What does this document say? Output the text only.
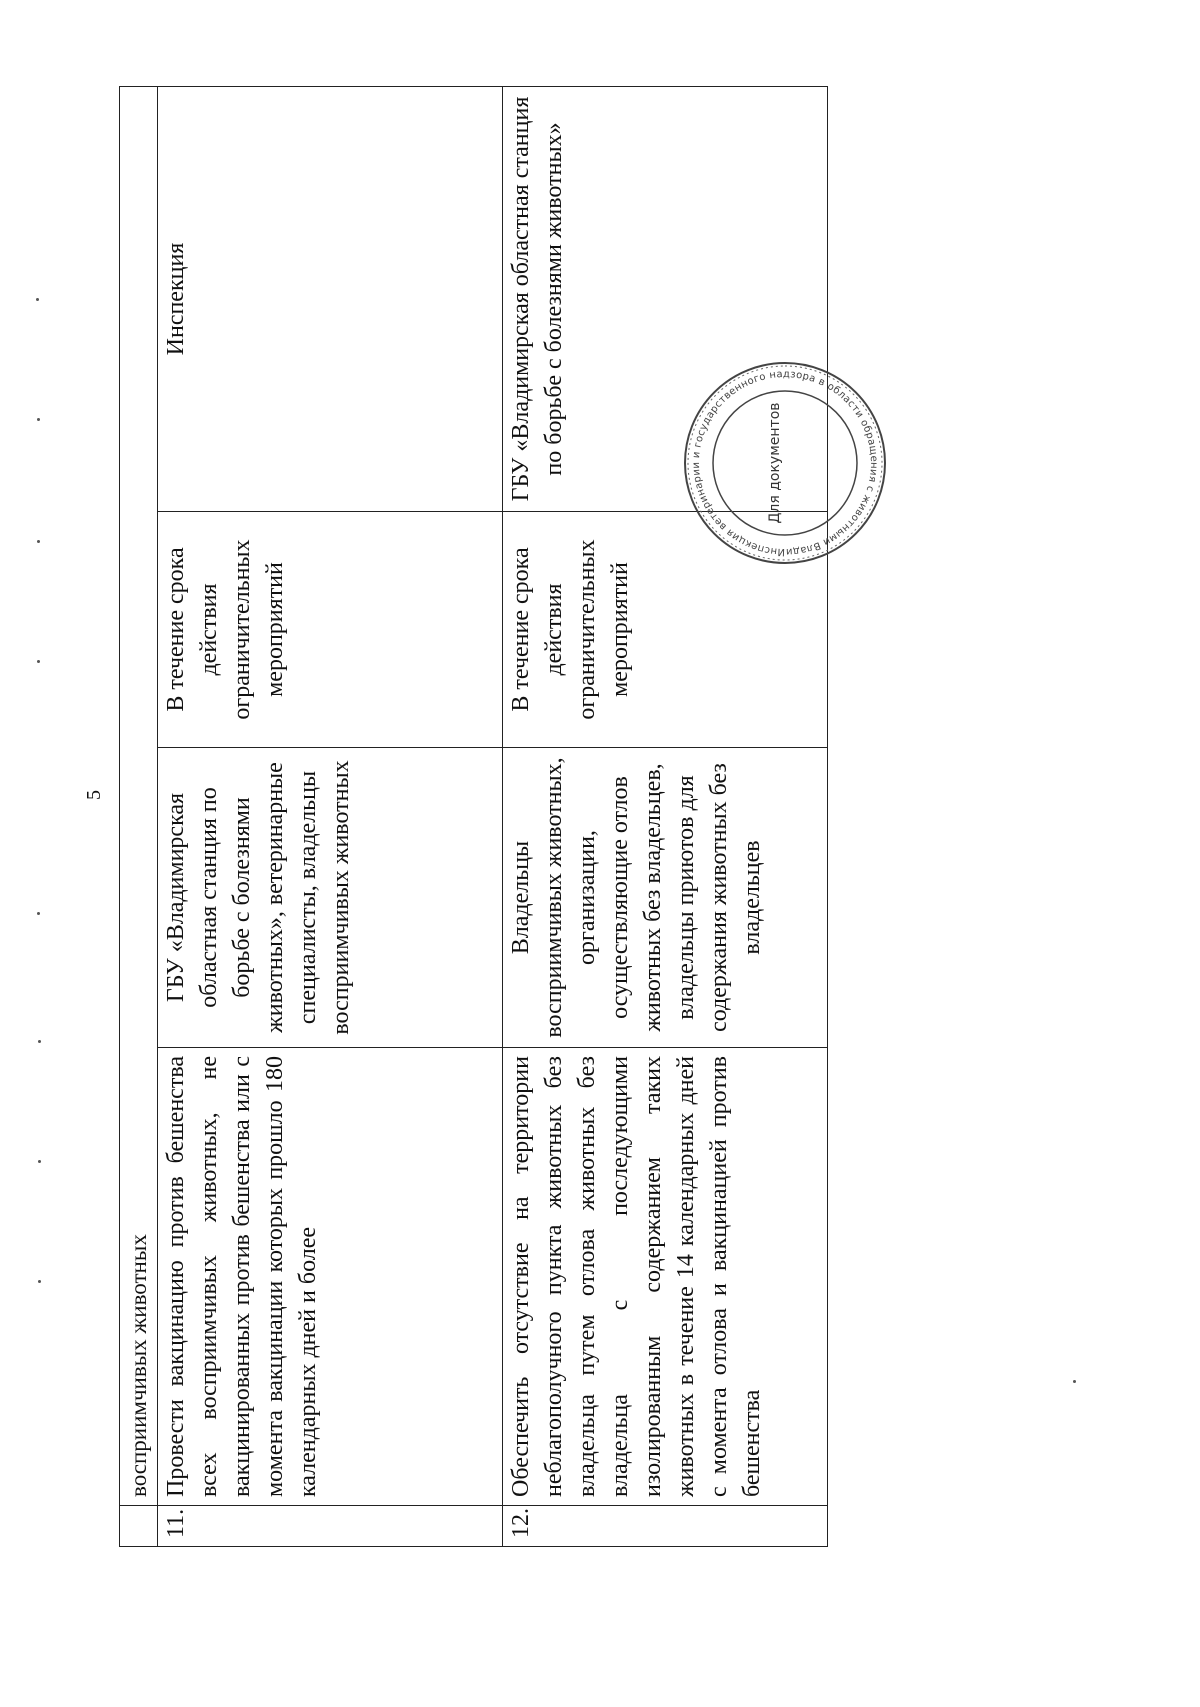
5
	восприимчивых животных			
11.	Провести вакцинацию против бешенства всех восприимчивых животных, не вакцинированных против бешенства или с момента вакцинации которых прошло 180 календарных дней и более	ГБУ «Владимирская областная станция по борьбе с болезнями животных», ветеринарные специалисты, владельцы восприимчивых животных	В течение срока действия ограничительных мероприятий	Инспекция
12.	Обеспечить отсутствие на территории неблагополучного пункта животных без владельца путем отлова животных без владельца с последующими изолированным содержанием таких животных в течение 14 календарных дней с момента отлова и вакцинацией против бешенства	Владельцы восприимчивых животных, организации, осуществляющие отлов животных без владельцев, владельцы приютов для содержания животных без владельцев	В течение срока действия ограничительных мероприятий	ГБУ «Владимирская областная станция по борьбе с болезнями животных»
Инспекция ветеринарии и государственного надзора в области обращения с животными Влади
Для документов
